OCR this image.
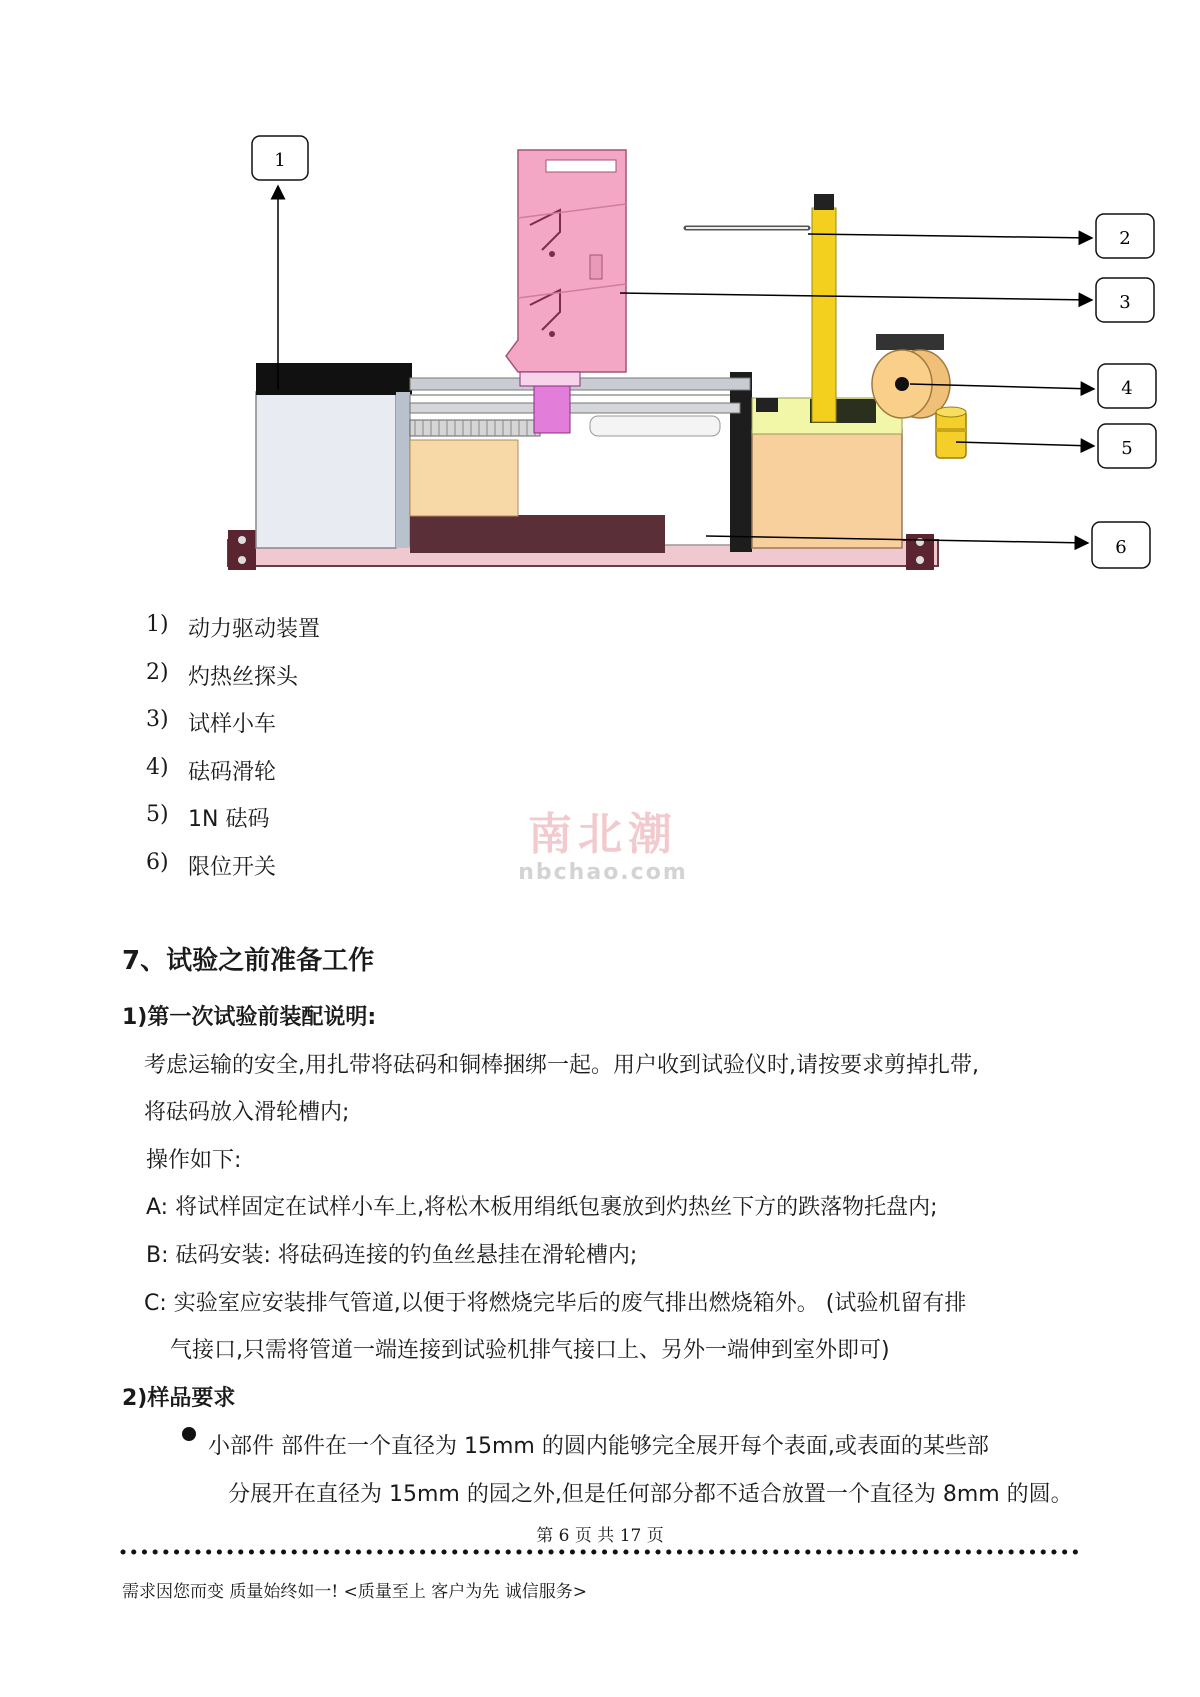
1
2
3
4
5
6
1) 动力驱动装置
2) 灼热丝探头
3) 试样小车
4) 砝码滑轮
5) 1N 砝码
6) 限位开关
南北潮
nbchao.com
7、试验之前准备工作
1)第一次试验前装配说明:
考虑运输的安全,用扎带将砝码和铜棒捆绑一起。用户收到试验仪时,请按要求剪掉扎带,
将砝码放入滑轮槽内;
操作如下:
A: 将试样固定在试样小车上,将松木板用绢纸包裹放到灼热丝下方的跌落物托盘内;
B: 砝码安装: 将砝码连接的钓鱼丝悬挂在滑轮槽内;
C: 实验室应安装排气管道,以便于将燃烧完毕后的废气排出燃烧箱外。 (试验机留有排
气接口,只需将管道一端连接到试验机排气接口上、另外一端伸到室外即可)
2)样品要求
小部件 部件在一个直径为 15mm 的圆内能够完全展开每个表面,或表面的某些部
分展开在直径为 15mm 的园之外,但是任何部分都不适合放置一个直径为 8mm 的圆。
第 6 页 共 17 页
需求因您而变 质量始终如一! <质量至上 客户为先 诚信服务>
